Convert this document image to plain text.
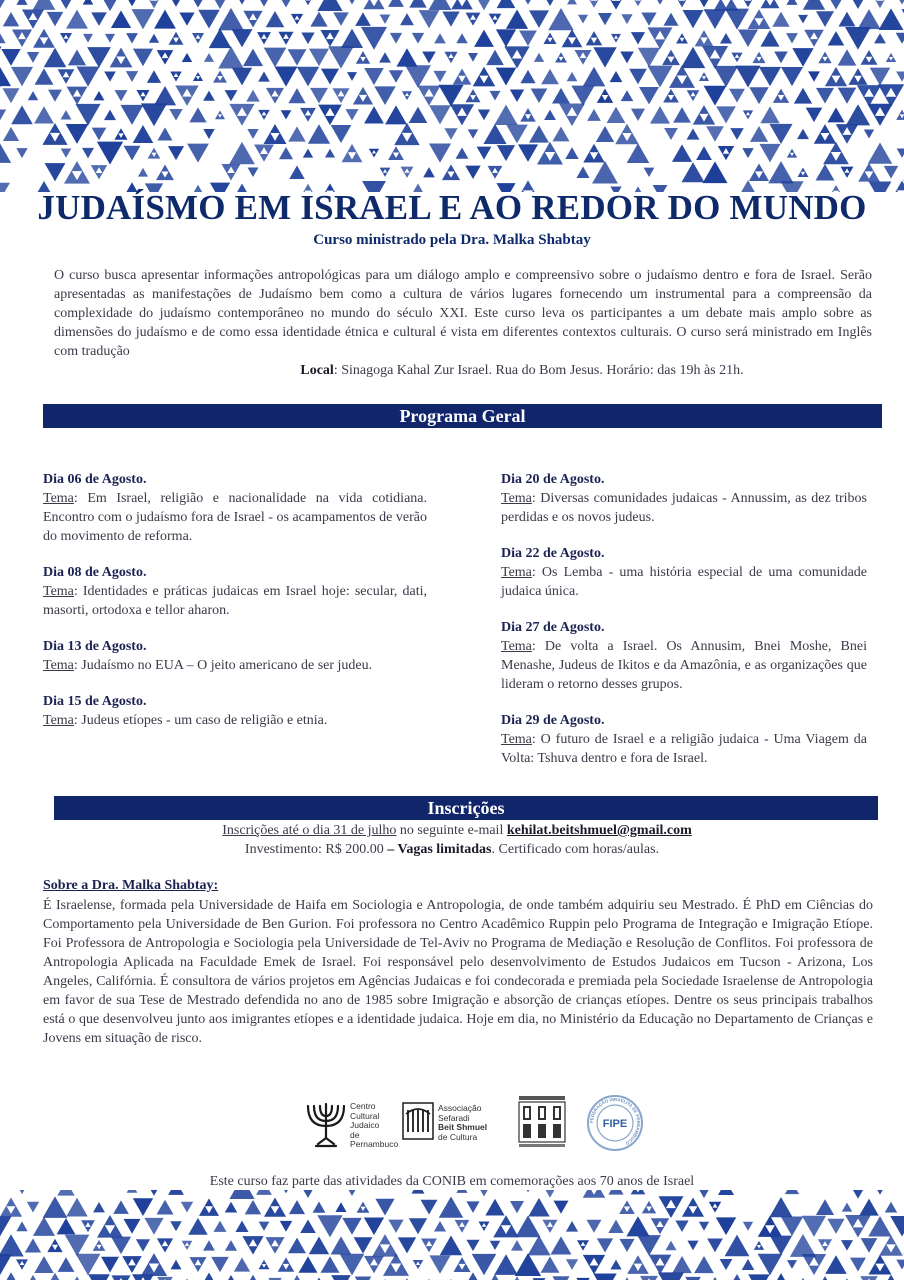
JUDAÍSMO EM ISRAEL E AO REDOR DO MUNDO
Curso ministrado pela Dra. Malka Shabtay

O curso busca apresentar informações antropológicas para um diálogo amplo e compreensivo sobre o judaísmo dentro e fora de Israel. Serão apresentadas as manifestações de Judaísmo bem como a cultura de vários lugares fornecendo um instrumental para a compreensão da complexidade do judaísmo contemporâneo no mundo do século XXI. Este curso leva os participantes a um debate mais amplo sobre as dimensões do judaísmo e de como essa identidade étnica e cultural é vista em diferentes contextos culturais. O curso será ministrado em Inglês com tradução

Local: Sinagoga Kahal Zur Israel. Rua do Bom Jesus. Horário: das 19h às 21h.
Programa Geral
Dia 06 de Agosto.
Tema: Em Israel, religião e nacionalidade na vida cotidiana. Encontro com o judaísmo fora de Israel - os acampamentos de verão do movimento de reforma.
Dia 08 de Agosto.
Tema: Identidades e práticas judaicas em Israel hoje: secular, dati, masorti, ortodoxa e tellor aharon.
Dia 13 de Agosto.
Tema: Judaísmo no EUA – O jeito americano de ser judeu.
Dia 15 de Agosto.
Tema: Judeus etíopes - um caso de religião e etnia.
Dia 20 de Agosto.
Tema: Diversas comunidades judaicas - Annussim, as dez tribos perdidas e os novos judeus.
Dia 22 de Agosto.
Tema: Os Lemba - uma história especial de uma comunidade judaica única.
Dia 27 de Agosto.
Tema: De volta a Israel. Os Annusim, Bnei Moshe, Bnei Menashe, Judeus de Ikitos e da Amazônia, e as organizações que lideram o retorno desses grupos.
Dia 29 de Agosto.
Tema: O futuro de Israel e a religião judaica - Uma Viagem da Volta: Tshuva dentro e fora de Israel.
Inscrições
Inscrições até o dia 31 de julho no seguinte e-mail kehilat.beitshmuel@gmail.com
Investimento: R$ 200.00 – Vagas limitadas. Certificado com horas/aulas.
Sobre a Dra. Malka Shabtay:

É Israelense, formada pela Universidade de Haifa em Sociologia e Antropologia, de onde também adquiriu seu Mestrado. É PhD em Ciências do Comportamento pela Universidade de Ben Gurion. Foi professora no Centro Acadêmico Ruppin pelo Programa de Integração e Imigração Etíope. Foi Professora de Antropologia e Sociologia pela Universidade de Tel-Aviv no Programa de Mediação e Resolução de Conflitos. Foi professora de Antropologia Aplicada na Faculdade Emek de Israel. Foi responsável pelo desenvolvimento de Estudos Judaicos em Tucson - Arizona, Los Angeles, Califórnia. É consultora de vários projetos em Agências Judaicas e foi condecorada e premiada pela Sociedade Israelense de Antropologia em favor de sua Tese de Mestrado defendida no ano de 1985 sobre Imigração e absorção de crianças etíopes. Dentre os seus principais trabalhos está o que desenvolveu junto aos imigrantes etíopes e a identidade judaica. Hoje em dia, no Ministério da Educação no Departamento de Crianças e Jovens em situação de risco.

Centro
Cultural
Judaico
de
Pernambuco
Associação
Sefaradi
Beit Shmuel
de Cultura
FEDERAÇÃO ISRAELITA DE PERNAMBUCO
FIPE
Este curso faz parte das atividades da CONIB em comemorações aos 70 anos de Israel
